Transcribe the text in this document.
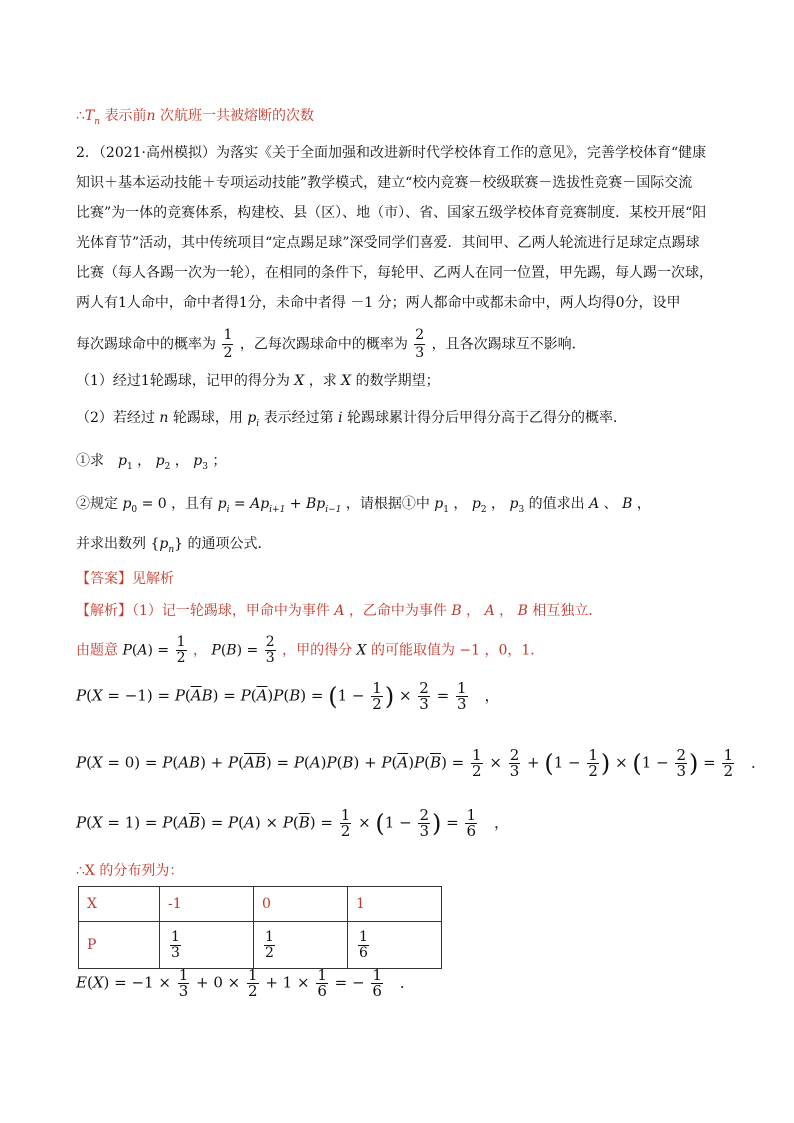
$\therefore T_n$ 表示前n 次航班一共被熔断的次数
2．（2021·高州模拟）为落实《关于全面加强和改进新时代学校体育工作的意见》，完善学校体育“健康
知识＋基本运动技能＋专项运动技能”教学模式，建立“校内竞赛－校级联赛－选拔性竞赛－国际交流
比赛”为一体的竞赛体系，构建校、县（区）、地（市）、省、国家五级学校体育竞赛制度．某校开展“阳
光体育节”活动，其中传统项目“定点踢足球”深受同学们喜爱．其间甲、乙两人轮流进行足球定点踢球
比赛（每人各踢一次为一轮），在相同的条件下，每轮甲、乙两人在同一位置，甲先踢，每人踢一次球，
两人有1人命中，命中者得1分，未命中者得 －1 分；两人都命中或都未命中，两人均得0分，设甲
每次踢球命中的概率为 $\frac{1}{2}$ ，乙每次踢球命中的概率为 $\frac{2}{3}$ ，且各次踢球互不影响．
（1）经过1轮踢球，记甲的得分为 X ，求 X 的数学期望；
（2）若经过 n 轮踢球，用 $p_i$ 表示经过第 i 轮踢球累计得分后甲得分高于乙得分的概率．
①求　 $p_1$ ， $p_2$ ， $p_3$ ；
②规定 $p_0 = 0$ ，且有 $p_i = Ap_{i+1} + Bp_{i-1}$ ，请根据①中 $p_1$ ， $p_2$ ， $p_3$ 的值求出 A 、 B ，
并求出数列 $\{p_n\}$ 的通项公式．
【答案】见解析
【解析】（1）记一轮踢球，甲命中为事件 A ，乙命中为事件 B ， A ， B 相互独立．
由题意 $P(A) = \frac{1}{2}$ ， $P(B) = \frac{2}{3}$ ，甲的得分 X 的可能取值为 −1 ，0，1．
$P(X = -1) = P(\overline{A}B) = P(\overline{A})P(B) = (1 - \frac{1}{2}$ ) × $\frac{2}{3} = \frac{1}{3}$ 　，
$P(X = 0) = P(AB) + P(\overline{AB}) = P(A)P(B) + P(\overline{A})P(\overline{B}) = \frac{1}{2} \times \frac{2}{3} + (1 - \frac{1}{2}$ ) × ($1 - \frac{2}{3}$ ) = $\frac{1}{2}$ 　．
$P(X = 1) = P(A\overline{B}) = P(A) \times P(\overline{B}) = \frac{1}{2} \times (1 - \frac{2}{3}$ ) = $\frac{1}{6}$ 　，
∴X 的分布列为：
X	-1	0	1
P	$\frac{1}{3}$	$\frac{1}{2}$	$\frac{1}{6}$
$E(X) = -1 \times \frac{1}{3} + 0 \times \frac{1}{2} + 1 \times \frac{1}{6}$ = − $\frac{1}{6}$ 　．
